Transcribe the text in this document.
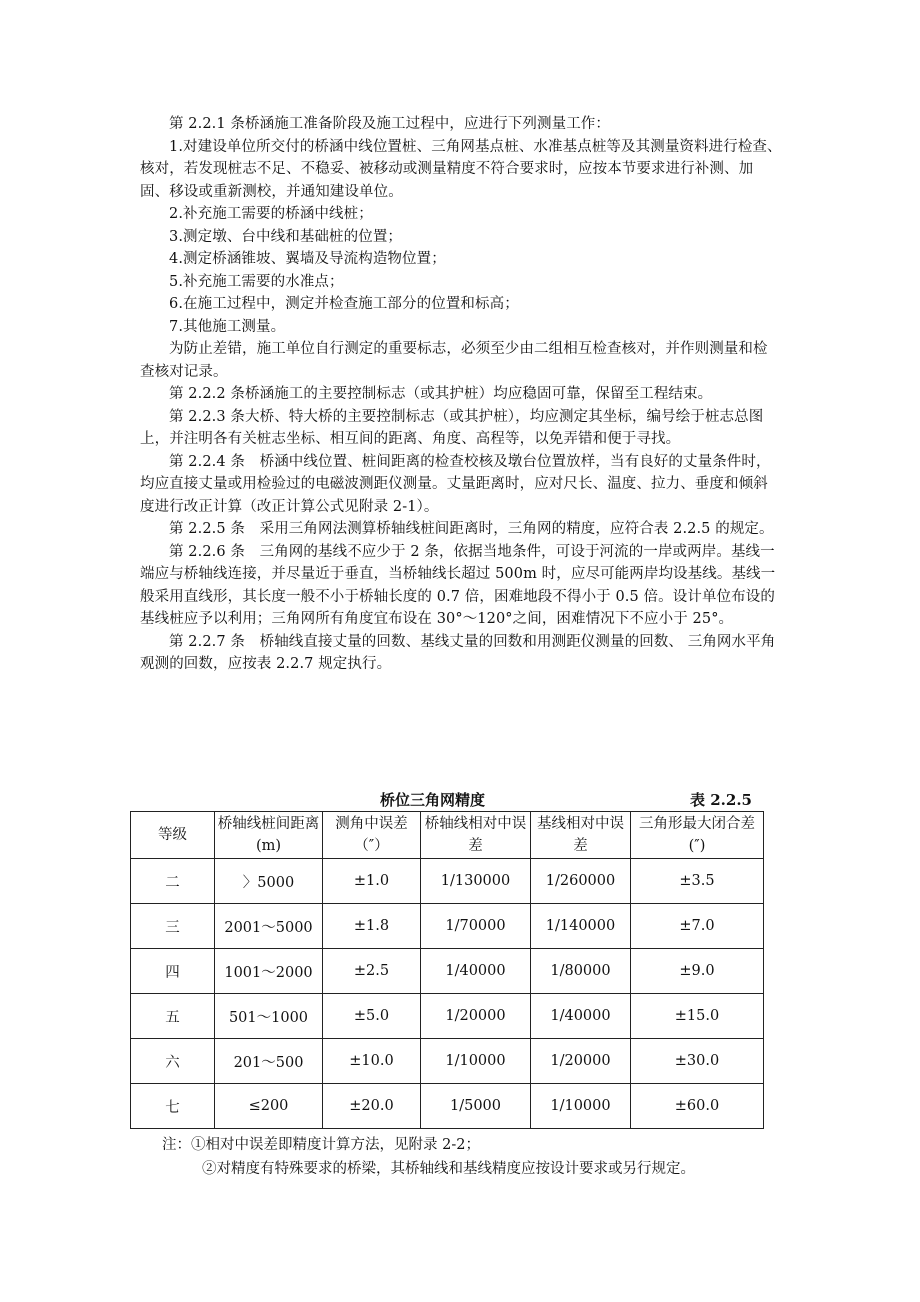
第 2.2.1 条桥涵施工准备阶段及施工过程中，应进行下列测量工作：

1.对建设单位所交付的桥涵中线位置桩、三角网基点桩、水准基点桩等及其测量资料进行检查、核对，若发现桩志不足、不稳妥、被移动或测量精度不符合要求时，应按本节要求进行补测、加固、移设或重新测校，并通知建设单位。

2.补充施工需要的桥涵中线桩；

3.测定墩、台中线和基础桩的位置；

4.测定桥涵锥坡、翼墙及导流构造物位置；

5.补充施工需要的水准点；

6.在施工过程中，测定并检查施工部分的位置和标高；

7.其他施工测量。

为防止差错，施工单位自行测定的重要标志，必须至少由二组相互检查核对，并作则测量和检查核对记录。

第 2.2.2 条桥涵施工的主要控制标志（或其护桩）均应稳固可靠，保留至工程结束。

第 2.2.3 条大桥、特大桥的主要控制标志（或其护桩），均应测定其坐标，编号绘于桩志总图上，并注明各有关桩志坐标、相互间的距离、角度、高程等，以免弄错和便于寻找。

第 2.2.4 条　桥涵中线位置、桩间距离的检查校核及墩台位置放样，当有良好的丈量条件时，均应直接丈量或用检验过的电磁波测距仪测量。丈量距离时，应对尺长、温度、拉力、垂度和倾斜度进行改正计算（改正计算公式见附录 2-1）。

第 2.2.5 条　采用三角网法测算桥轴线桩间距离时，三角网的精度，应符合表 2.2.5 的规定。

第 2.2.6 条　三角网的基线不应少于 2 条，依据当地条件，可设于河流的一岸或两岸。基线一端应与桥轴线连接，并尽量近于垂直，当桥轴线长超过 500m 时，应尽可能两岸均设基线。基线一般采用直线形，其长度一般不小于桥轴长度的 0.7 倍，困难地段不得小于 0.5 倍。设计单位布设的基线桩应予以利用；三角网所有角度宜布设在 30°～120°之间，困难情况下不应小于 25°。

第 2.2.7 条　桥轴线直接丈量的回数、基线丈量的回数和用测距仪测量的回数、 三角网水平角观测的回数，应按表 2.2.7 规定执行。

桥位三角网精度	表 2.2.5
等级	桥轴线桩间距离(m)	测角中误差（″）	桥轴线相对中误差	基线相对中误差	三角形最大闭合差(″)
二	〉5000	±1.0	1/130000	1/260000	±3.5
三	2001～5000	±1.8	1/70000	1/140000	±7.0
四	1001～2000	±2.5	1/40000	1/80000	±9.0
五	501～1000	±5.0	1/20000	1/40000	±15.0
六	201～500	±10.0	1/10000	1/20000	±30.0
七	≤200	±20.0	1/5000	1/10000	±60.0

注：①相对中误差即精度计算方法，见附录 2-2；

②对精度有特殊要求的桥梁，其桥轴线和基线精度应按设计要求或另行规定。
